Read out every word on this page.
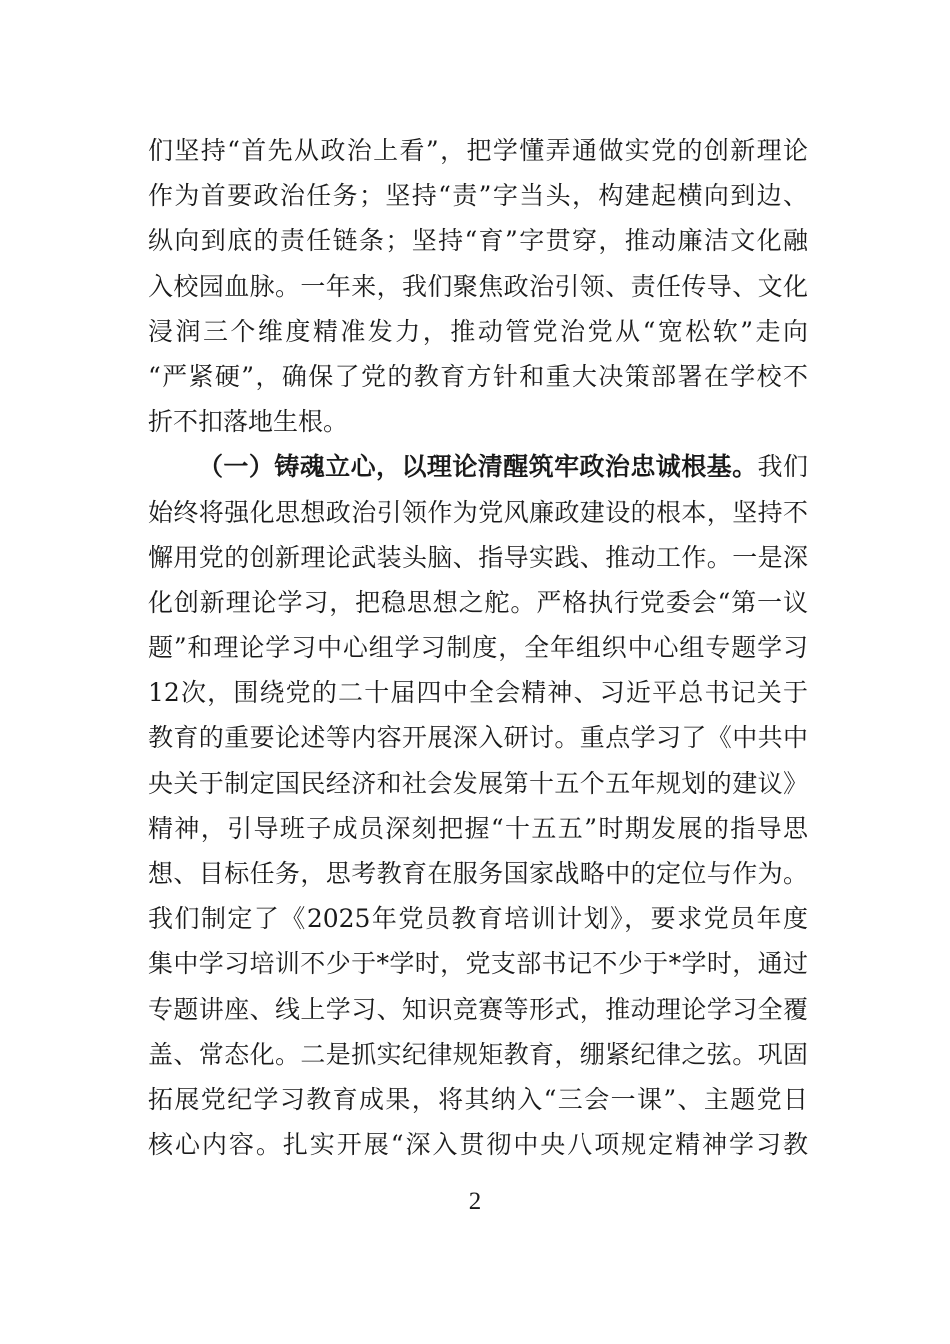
们坚持“首先从政治上看”，把学懂弄通做实党的创新理论
作为首要政治任务；坚持“责”字当头，构建起横向到边、
纵向到底的责任链条；坚持“育”字贯穿，推动廉洁文化融
入校园血脉。一年来，我们聚焦政治引领、责任传导、文化
浸润三个维度精准发力，推动管党治党从“宽松软”走向
“严紧硬”，确保了党的教育方针和重大决策部署在学校不
折不扣落地生根。
（一）铸魂立心，以理论清醒筑牢政治忠诚根基。我们
始终将强化思想政治引领作为党风廉政建设的根本，坚持不
懈用党的创新理论武装头脑、指导实践、推动工作。一是深
化创新理论学习，把稳思想之舵。严格执行党委会“第一议
题”和理论学习中心组学习制度，全年组织中心组专题学习
12次，围绕党的二十届四中全会精神、习近平总书记关于
教育的重要论述等内容开展深入研讨。重点学习了《中共中
央关于制定国民经济和社会发展第十五个五年规划的建议》
精神，引导班子成员深刻把握“十五五”时期发展的指导思
想、目标任务，思考教育在服务国家战略中的定位与作为。
我们制定了《2025年党员教育培训计划》，要求党员年度
集中学习培训不少于*学时，党支部书记不少于*学时，通过
专题讲座、线上学习、知识竞赛等形式，推动理论学习全覆
盖、常态化。二是抓实纪律规矩教育，绷紧纪律之弦。巩固
拓展党纪学习教育成果，将其纳入“三会一课”、主题党日
核心内容。扎实开展“深入贯彻中央八项规定精神学习教
2
